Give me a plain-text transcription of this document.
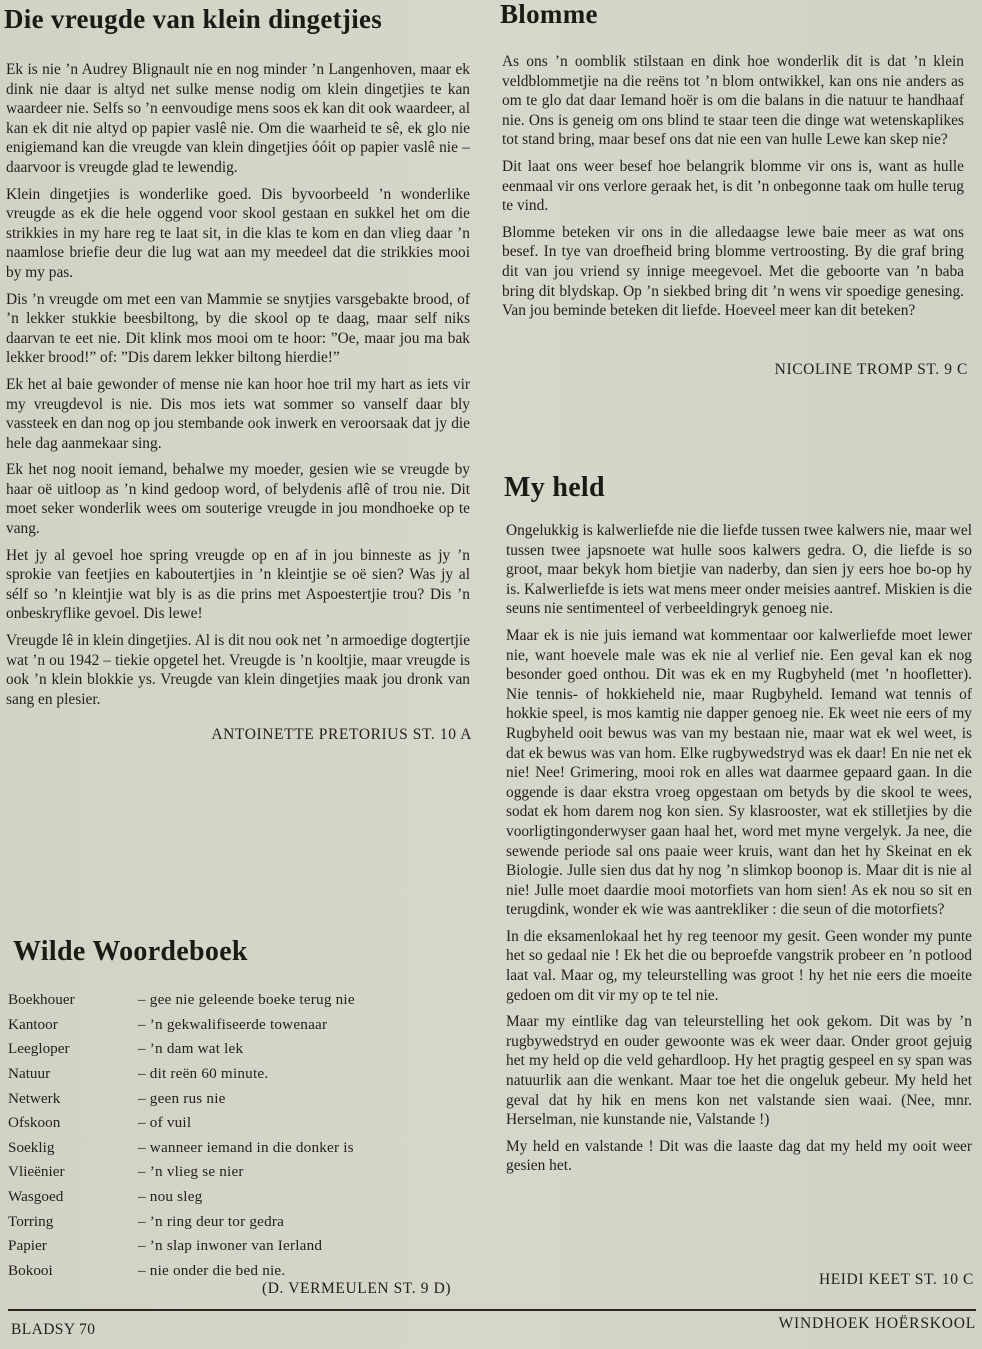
Die vreugde van klein dingetjies

Ek is nie ’n Audrey Blignault nie en nog minder ’n Langenhoven, maar ek dink nie daar is altyd net sulke mense nodig om klein dingetjies te kan waardeer nie. Selfs so ’n eenvoudige mens soos ek kan dit ook waardeer, al kan ek dit nie altyd op papier vaslê nie. Om die waarheid te sê, ek glo nie enigiemand kan die vreugde van klein dingetjies óóit op papier vaslê nie – daarvoor is vreugde glad te lewendig.

Klein dingetjies is wonderlike goed. Dis byvoorbeeld ’n wonderlike vreugde as ek die hele oggend voor skool gestaan en sukkel het om die strikkies in my hare reg te laat sit, in die klas te kom en dan vlieg daar ’n naamlose briefie deur die lug wat aan my meedeel dat die strikkies mooi by my pas.

Dis ’n vreugde om met een van Mammie se snytjies varsgebakte brood, of ’n lekker stukkie beesbiltong, by die skool op te daag, maar self niks daarvan te eet nie. Dit klink mos mooi om te hoor: ”Oe, maar jou ma bak lekker brood!” of: ”Dis darem lekker biltong hierdie!”

Ek het al baie gewonder of mense nie kan hoor hoe tril my hart as iets vir my vreugdevol is nie. Dis mos iets wat sommer so vanself daar bly vassteek en dan nog op jou stembande ook inwerk en veroorsaak dat jy die hele dag aanmekaar sing.

Ek het nog nooit iemand, behalwe my moeder, gesien wie se vreugde by haar oë uitloop as ’n kind gedoop word, of belydenis aflê of trou nie. Dit moet seker wonderlik wees om souterige vreugde in jou mondhoeke op te vang.

Het jy al gevoel hoe spring vreugde op en af in jou binneste as jy ’n sprokie van feetjies en kaboutertjies in ’n kleintjie se oë sien? Was jy al sélf so ’n kleintjie wat bly is as die prins met Aspoestertjie trou? Dis ’n onbeskryflike gevoel. Dis lewe!

Vreugde lê in klein dingetjies. Al is dit nou ook net ’n armoedige dogtertjie wat ’n ou 1942 – tiekie opgetel het. Vreugde is ’n kooltjie, maar vreugde is ook ’n klein blokkie ys. Vreugde van klein dingetjies maak jou dronk van sang en plesier.

ANTOINETTE PRETORIUS ST. 10 A
Wilde Woordeboek
Boekhouer	– gee nie geleende boeke terug nie
Kantoor	– ’n gekwalifiseerde towenaar
Leegloper	– ’n dam wat lek
Natuur	– dit reën 60 minute.
Netwerk	– geen rus nie
Ofskoon	– of vuil
Soeklig	– wanneer iemand in die donker is
Vlieënier	– ’n vlieg se nier
Wasgoed	– nou sleg
Torring	– ’n ring deur tor gedra
Papier	– ’n slap inwoner van Ierland
Bokooi	– nie onder die bed nie.
(D. VERMEULEN ST. 9 D)
Blomme

As ons ’n oomblik stilstaan en dink hoe wonderlik dit is dat ’n klein veldblommetjie na die reëns tot ’n blom ontwikkel, kan ons nie anders as om te glo dat daar Iemand hoër is om die balans in die natuur te handhaaf nie. Ons is geneig om ons blind te staar teen die dinge wat wetenskaplikes tot stand bring, maar besef ons dat nie een van hulle Lewe kan skep nie?

Dit laat ons weer besef hoe belangrik blomme vir ons is, want as hulle eenmaal vir ons verlore geraak het, is dit ’n onbegonne taak om hulle terug te vind.

Blomme beteken vir ons in die alledaagse lewe baie meer as wat ons besef. In tye van droefheid bring blomme vertroosting. By die graf bring dit van jou vriend sy innige meegevoel. Met die geboorte van ’n baba bring dit blydskap. Op ’n siekbed bring dit ’n wens vir spoedige genesing. Van jou beminde beteken dit liefde. Hoeveel meer kan dit beteken?

NICOLINE TROMP ST. 9 C
My held

Ongelukkig is kalwerliefde nie die liefde tussen twee kalwers nie, maar wel tussen twee japsnoete wat hulle soos kalwers gedra. O, die liefde is so groot, maar bekyk hom bietjie van naderby, dan sien jy eers hoe bo-op hy is. Kalwerliefde is iets wat mens meer onder meisies aantref. Miskien is die seuns nie sentimenteel of verbeeldingryk genoeg nie.

Maar ek is nie juis iemand wat kommentaar oor kalwerliefde moet lewer nie, want hoevele male was ek nie al verlief nie. Een geval kan ek nog besonder goed onthou. Dit was ek en my Rugbyheld (met ’n hoofletter). Nie tennis- of hokkieheld nie, maar Rugbyheld. Iemand wat tennis of hokkie speel, is mos kamtig nie dapper genoeg nie. Ek weet nie eers of my Rugbyheld ooit bewus was van my bestaan nie, maar wat ek wel weet, is dat ek bewus was van hom. Elke rugbywedstryd was ek daar! En nie net ek nie! Nee! Grimering, mooi rok en alles wat daarmee gepaard gaan. In die oggende is daar ekstra vroeg opgestaan om betyds by die skool te wees, sodat ek hom darem nog kon sien. Sy klasrooster, wat ek stilletjies by die voorligtingonderwyser gaan haal het, word met myne vergelyk. Ja nee, die sewende periode sal ons paaie weer kruis, want dan het hy Skeinat en ek Biologie. Julle sien dus dat hy nog ’n slimkop boonop is. Maar dit is nie al nie! Julle moet daardie mooi motorfiets van hom sien! As ek nou so sit en terugdink, wonder ek wie was aantrekliker : die seun of die motorfiets?

In die eksamenlokaal het hy reg teenoor my gesit. Geen wonder my punte het so gedaal nie ! Ek het die ou beproefde vangstrik probeer en ’n potlood laat val. Maar og, my teleurstelling was groot ! hy het nie eers die moeite gedoen om dit vir my op te tel nie.

Maar my eintlike dag van teleurstelling het ook gekom. Dit was by ’n rugbywedstryd en ouder gewoonte was ek weer daar. Onder groot gejuig het my held op die veld gehardloop. Hy het pragtig gespeel en sy span was natuurlik aan die wenkant. Maar toe het die ongeluk gebeur. My held het geval dat hy hik en mens kon net valstande sien waai. (Nee, mnr. Herselman, nie kunstande nie, Valstande !)

My held en valstande ! Dit was die laaste dag dat my held my ooit weer gesien het.

HEIDI KEET ST. 10 C
BLADSY 70	WINDHOEK HOËRSKOOL
